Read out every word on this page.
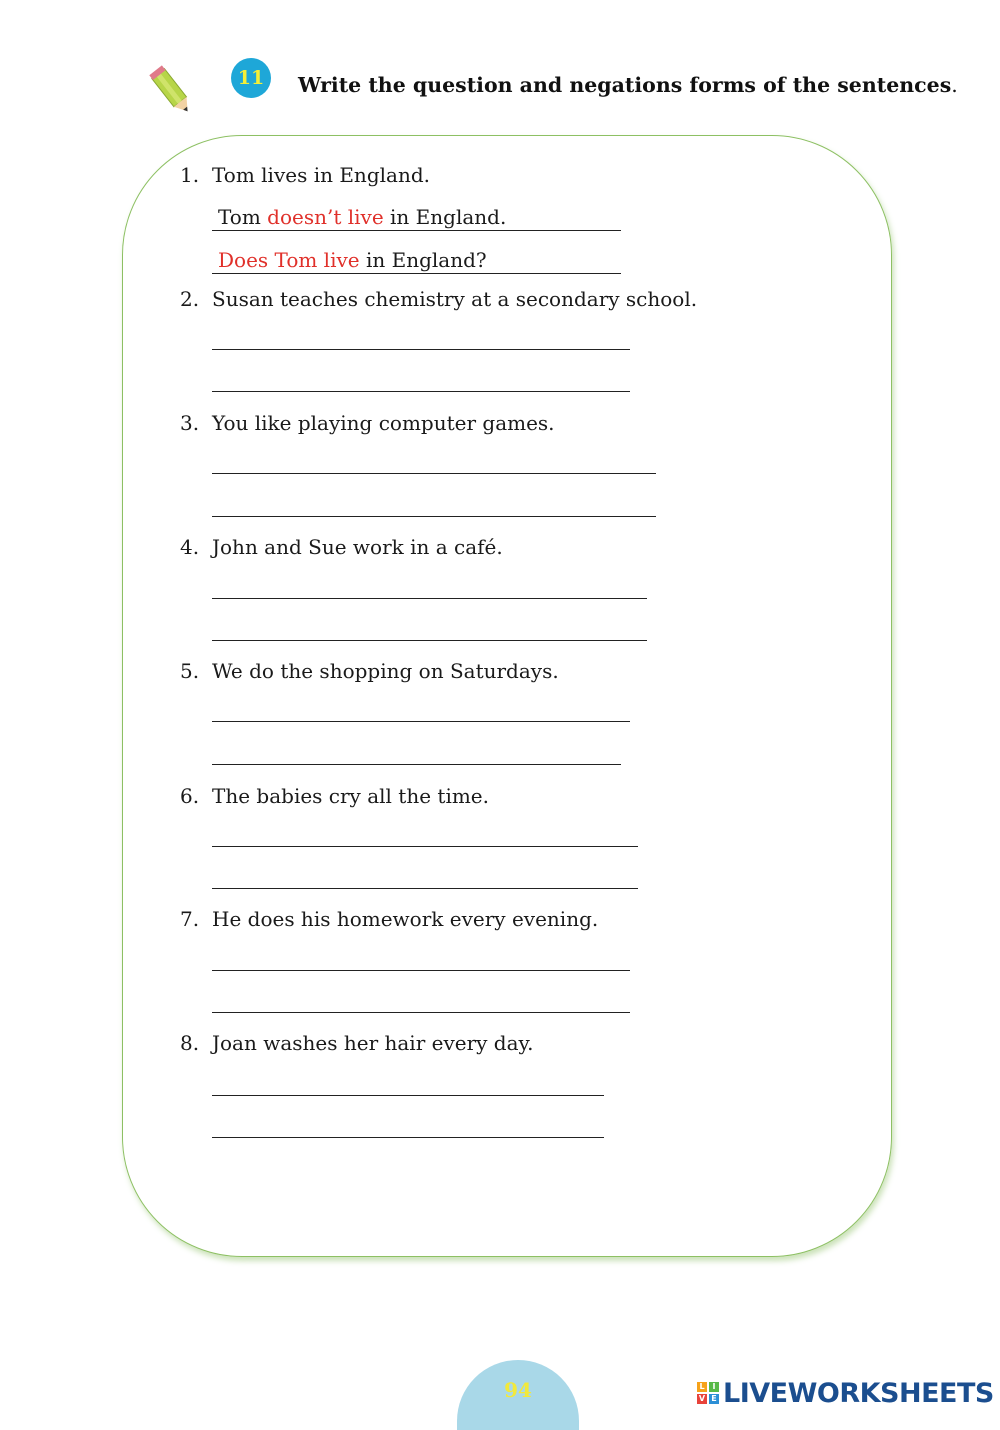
11 Write the question and negations forms of the sentences.
1. Tom lives in England.
Tom doesn’t live in England.
Does Tom live in England?
2. Susan teaches chemistry at a secondary school.
3. You like playing computer games.
4. John and Sue work in a café.
5. We do the shopping on Saturdays.
6. The babies cry all the time.
7. He does his homework every evening.
8. Joan washes her hair every day.
94	L I
V E LIVEWORKSHEETS
